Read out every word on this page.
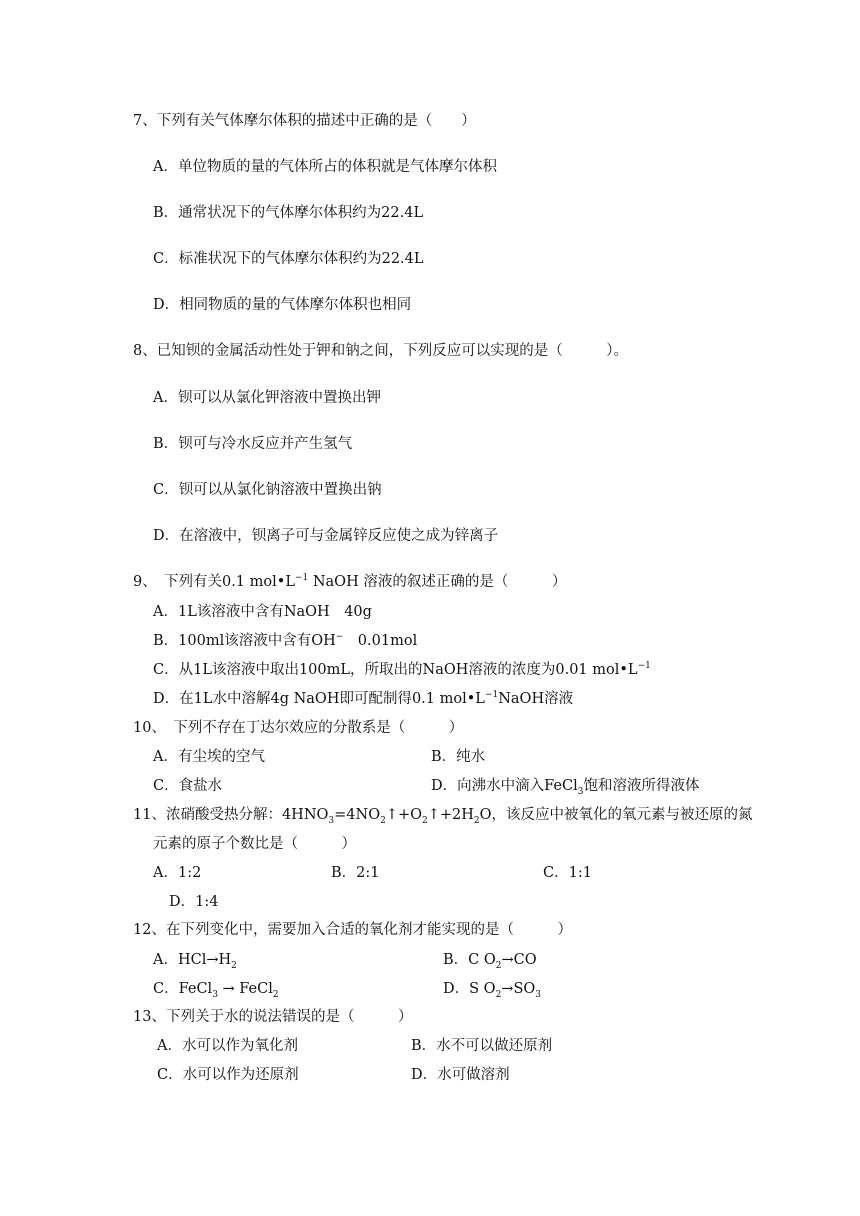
7、下列有关气体摩尔体积的描述中正确的是（　　）
A．单位物质的量的气体所占的体积就是气体摩尔体积
B．通常状况下的气体摩尔体积约为22.4L
C．标准状况下的气体摩尔体积约为22.4L
D．相同物质的量的气体摩尔体积也相同
8、已知钡的金属活动性处于钾和钠之间，下列反应可以实现的是（　　　）。
A．钡可以从氯化钾溶液中置换出钾
B．钡可与冷水反应并产生氢气
C．钡可以从氯化钠溶液中置换出钠
D．在溶液中，钡离子可与金属锌反应使之成为锌离子
9、　下列有关0.1 $mol•L^{-1}$ NaOH 溶液的叙述正确的是（　　　）
A．1L该溶液中含有NaOH　40g
B．100ml该溶液中含有OH−　0.01mol
C．从1L该溶液中取出100mL，所取出的NaOH溶液的浓度为0.01 $mol•L^{-1}$
D．在1L水中溶解4g NaOH即可配制得0.1 $mol•L^{-1}NaOH$溶液
10、　下列不存在丁达尔效应的分散系是（　　　）
A．有尘埃的空气	B．纯水
C．食盐水	D．向沸水中滴入FeCl$_3$饱和溶液所得液体
11、浓硝酸受热分解：$4HNO_3=4NO_2↑+O_2↑+2H_2O$，该反应中被氧化的氧元素与被还原的氮
元素的原子个数比是（　　　）
A．1:2	B．2:1	C．1:1
D．1:4
12、在下列变化中，需要加入合适的氧化剂才能实现的是（　　　）
A．$HCl\to H_2$	B．C $O_2\to CO$
C．FeCl$_3$ → FeCl$_2$	D．S $O_2\to SO_3$
13、下列关于水的说法错误的是（　　　）
A．水可以作为氧化剂	B．水不可以做还原剂
C．水可以作为还原剂	D．水可做溶剂
